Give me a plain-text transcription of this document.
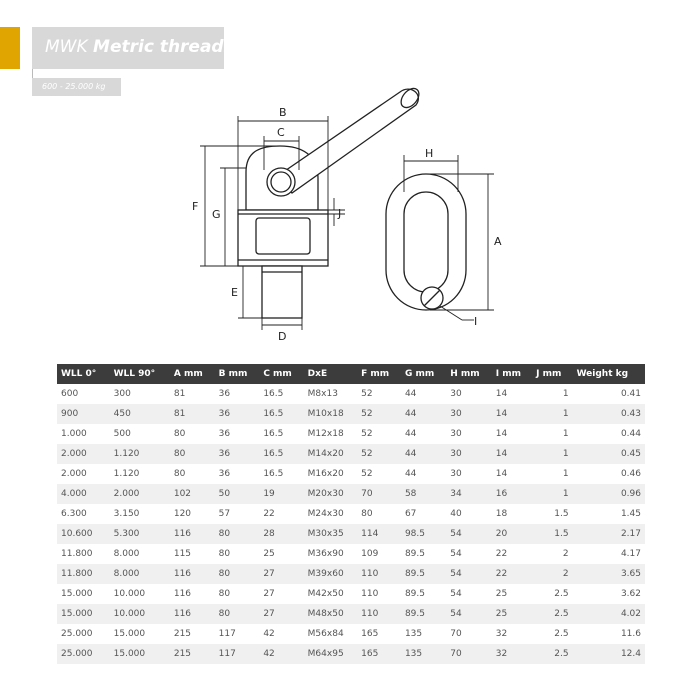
MWK Metric threads
600 - 25.000 kg
B
C
F
G	J
E
D
H
A
I
WLL 0°	WLL 90°	A mm	B mm	C mm	DxE	F mm	G mm	H mm	I mm	J mm	Weight kg
600	300	81	36	16.5	M8x13	52	44	30	14	1	0.41
900	450	81	36	16.5	M10x18	52	44	30	14	1	0.43
1.000	500	80	36	16.5	M12x18	52	44	30	14	1	0.44
2.000	1.120	80	36	16.5	M14x20	52	44	30	14	1	0.45
2.000	1.120	80	36	16.5	M16x20	52	44	30	14	1	0.46
4.000	2.000	102	50	19	M20x30	70	58	34	16	1	0.96
6.300	3.150	120	57	22	M24x30	80	67	40	18	1.5	1.45
10.600	5.300	116	80	28	M30x35	114	98.5	54	20	1.5	2.17
11.800	8.000	115	80	25	M36x90	109	89.5	54	22	2	4.17
11.800	8.000	116	80	27	M39x60	110	89.5	54	22	2	3.65
15.000	10.000	116	80	27	M42x50	110	89.5	54	25	2.5	3.62
15.000	10.000	116	80	27	M48x50	110	89.5	54	25	2.5	4.02
25.000	15.000	215	117	42	M56x84	165	135	70	32	2.5	11.6
25.000	15.000	215	117	42	M64x95	165	135	70	32	2.5	12.4
